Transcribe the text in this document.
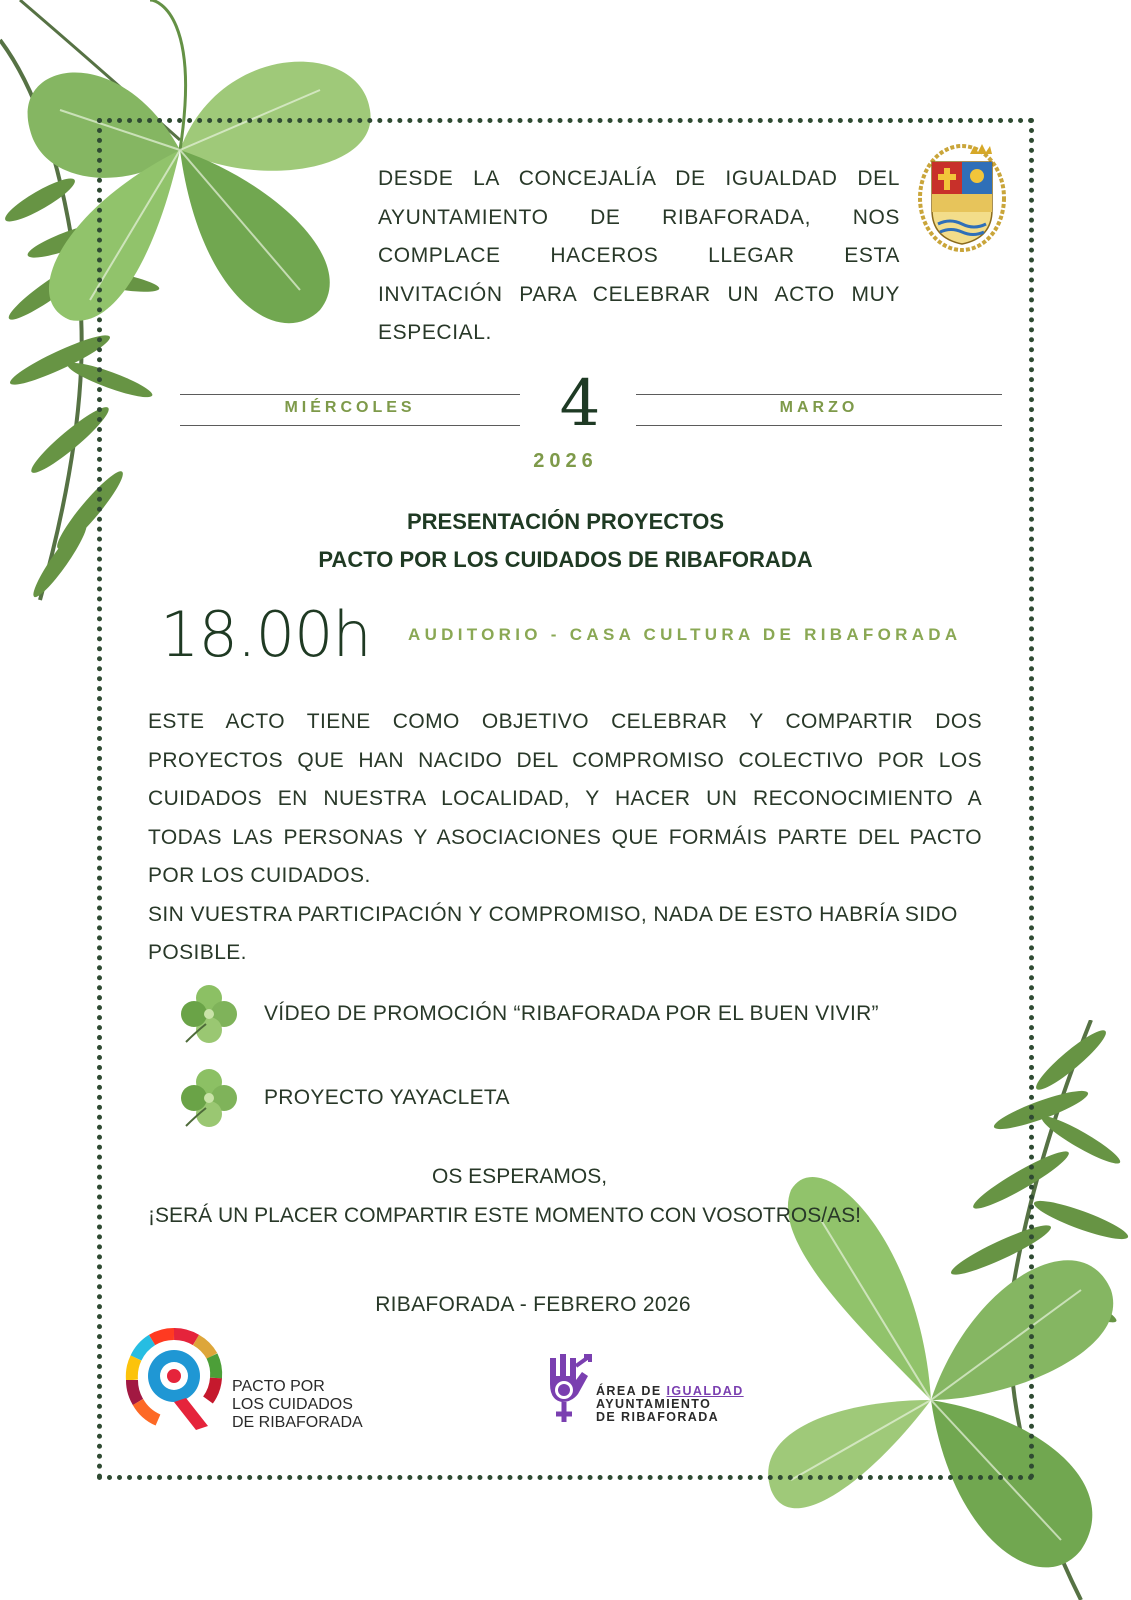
DESDE LA CONCEJALÍA DE IGUALDAD DEL AYUNTAMIENTO DE RIBAFORADA, NOS COMPLACE HACEROS LLEGAR ESTA INVITACIÓN PARA CELEBRAR UN ACTO MUY ESPECIAL.

MIÉRCOLES	4	MARZO
2026
PRESENTACIÓN PROYECTOS
PACTO POR LOS CUIDADOS DE RIBAFORADA
18.00h AUDITORIO - CASA CULTURA DE RIBAFORADA

ESTE ACTO TIENE COMO OBJETIVO CELEBRAR Y COMPARTIR DOS PROYECTOS QUE HAN NACIDO DEL COMPROMISO COLECTIVO POR LOS CUIDADOS EN NUESTRA LOCALIDAD, Y HACER UN RECONOCIMIENTO A TODAS LAS PERSONAS Y ASOCIACIONES QUE FORMÁIS PARTE DEL PACTO POR LOS CUIDADOS.

SIN VUESTRA PARTICIPACIÓN Y COMPROMISO, NADA DE ESTO HABRÍA SIDO POSIBLE.

VÍDEO DE PROMOCIÓN “RIBAFORADA POR EL BUEN VIVIR”
PROYECTO YAYACLETA
OS ESPERAMOS,
¡SERÁ UN PLACER COMPARTIR ESTE MOMENTO CON VOSOTROS/AS!
RIBAFORADA - FEBRERO 2026
PACTO POR
LOS CUIDADOS
DE RIBAFORADA
ÁREA DE IGUALDAD
AYUNTAMIENTO
DE RIBAFORADA
